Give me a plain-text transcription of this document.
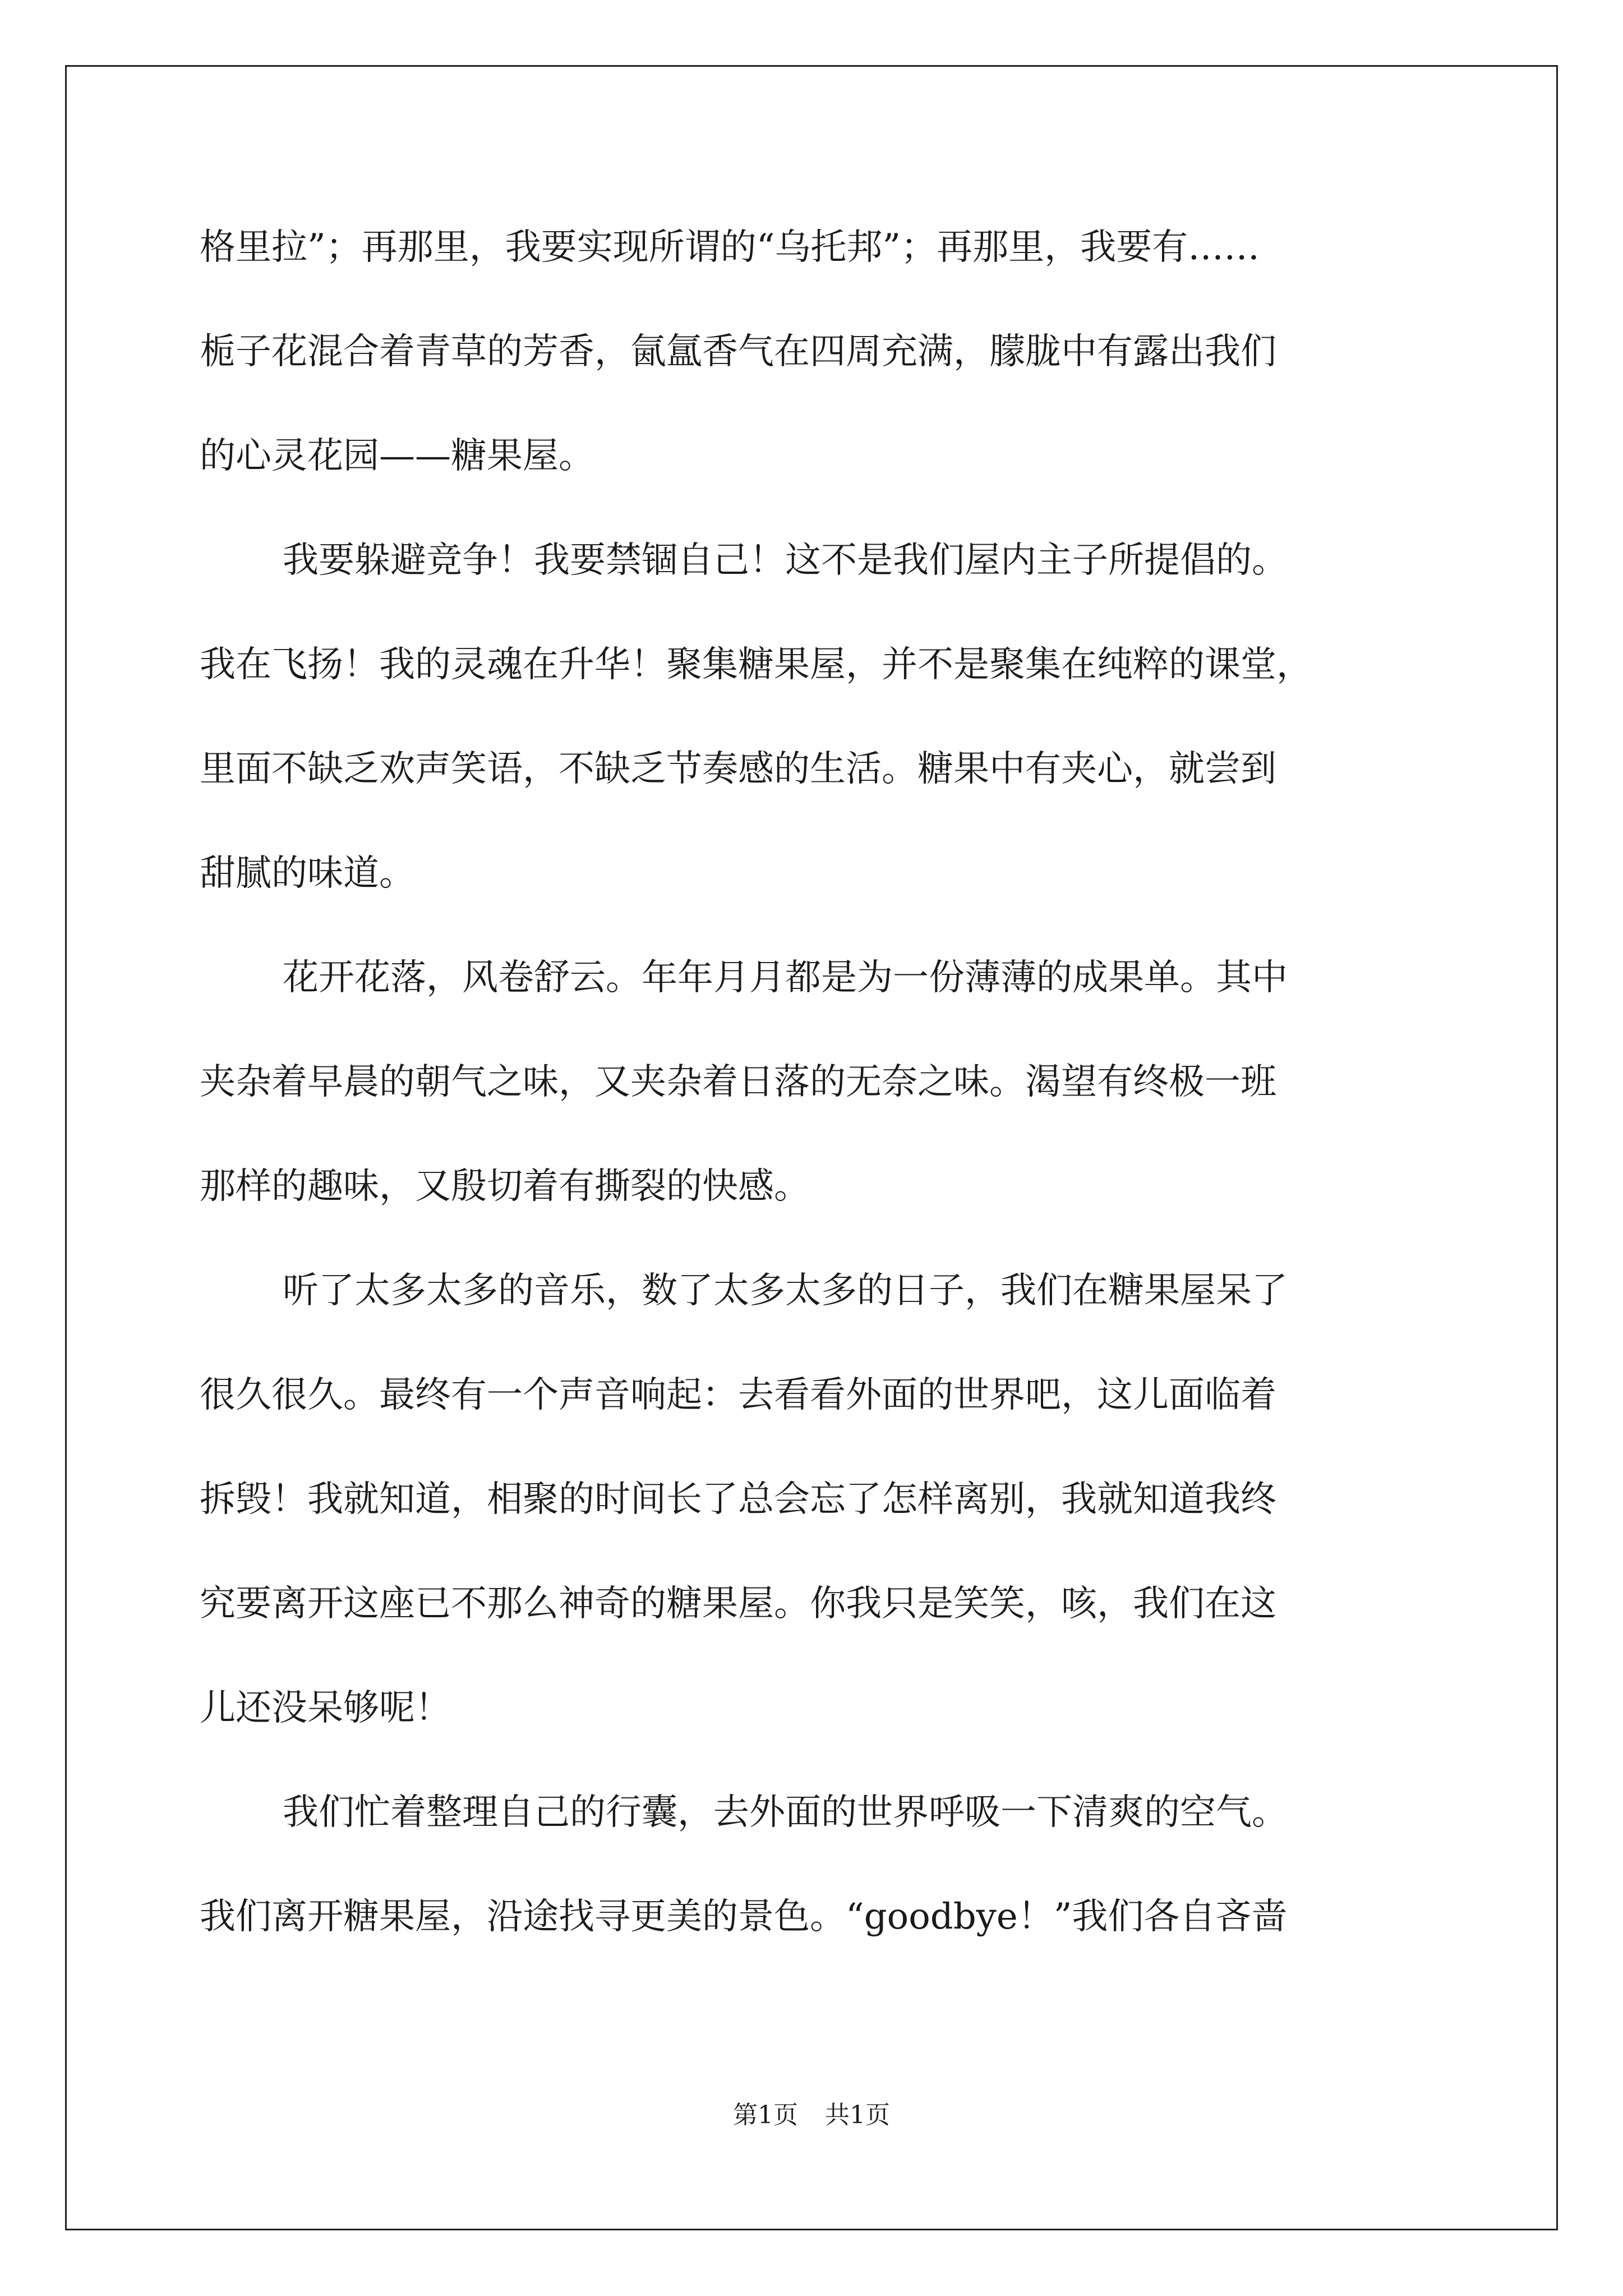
格里拉”；再那里，我要实现所谓的“乌托邦”；再那里，我要有……
栀子花混合着青草的芳香，氤氲香气在四周充满，朦胧中有露出我们
的心灵花园——糖果屋。
我要躲避竞争！我要禁锢自己！这不是我们屋内主子所提倡的。
我在飞扬！我的灵魂在升华！聚集糖果屋，并不是聚集在纯粹的课堂，
里面不缺乏欢声笑语，不缺乏节奏感的生活。糖果中有夹心，就尝到
甜腻的味道。
花开花落，风卷舒云。年年月月都是为一份薄薄的成果单。其中
夹杂着早晨的朝气之味，又夹杂着日落的无奈之味。渴望有终极一班
那样的趣味，又殷切着有撕裂的快感。
听了太多太多的音乐，数了太多太多的日子，我们在糖果屋呆了
很久很久。最终有一个声音响起：去看看外面的世界吧，这儿面临着
拆毁！我就知道，相聚的时间长了总会忘了怎样离别，我就知道我终
究要离开这座已不那么神奇的糖果屋。你我只是笑笑，咳，我们在这
儿还没呆够呢！
我们忙着整理自己的行囊，去外面的世界呼吸一下清爽的空气。
我们离开糖果屋，沿途找寻更美的景色。“goodbye！”我们各自吝啬
第1页 共1页
